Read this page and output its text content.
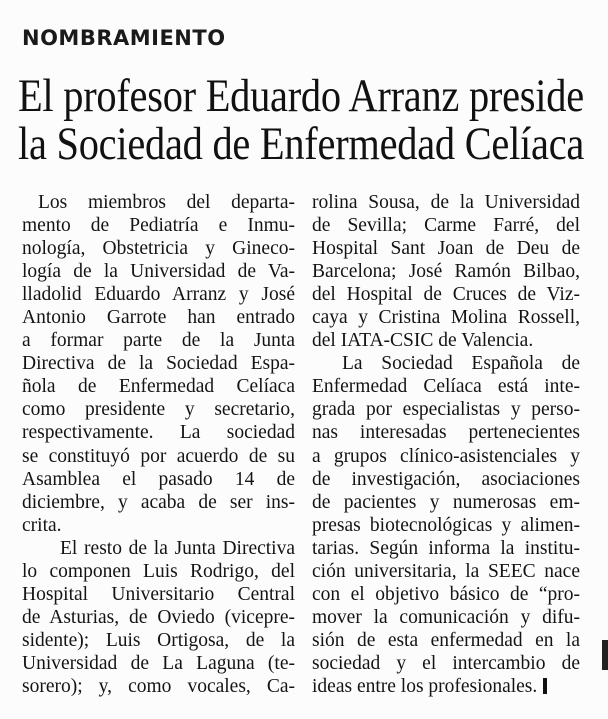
NOMBRAMIENTO
El profesor Eduardo Arranz preside
la Sociedad de Enfermedad Celíaca
Los miembros del departa-
mento de Pediatría e Inmu-
nología, Obstetricia y Gineco-
logía de la Universidad de Va-
lladolid Eduardo Arranz y José
Antonio Garrote han entrado
a formar parte de la Junta
Directiva de la Sociedad Espa-
ñola de Enfermedad Celíaca
como presidente y secretario,
respectivamente. La sociedad
se constituyó por acuerdo de su
Asamblea el pasado 14 de
diciembre, y acaba de ser ins-
crita.
El resto de la Junta Directiva
lo componen Luis Rodrigo, del
Hospital Universitario Central
de Asturias, de Oviedo (vicepre-
sidente); Luis Ortigosa, de la
Universidad de La Laguna (te-
sorero); y, como vocales, Ca-
rolina Sousa, de la Universidad
de Sevilla; Carme Farré, del
Hospital Sant Joan de Deu de
Barcelona; José Ramón Bilbao,
del Hospital de Cruces de Viz-
caya y Cristina Molina Rossell,
del IATA-CSIC de Valencia.
La Sociedad Española de
Enfermedad Celíaca está inte-
grada por especialistas y perso-
nas interesadas pertenecientes
a grupos clínico-asistenciales y
de investigación, asociaciones
de pacientes y numerosas em-
presas biotecnológicas y alimen-
tarias. Según informa la institu-
ción universitaria, la SEEC nace
con el objetivo básico de “pro-
mover la comunicación y difu-
sión de esta enfermedad en la
sociedad y el intercambio de
ideas entre los profesionales.
